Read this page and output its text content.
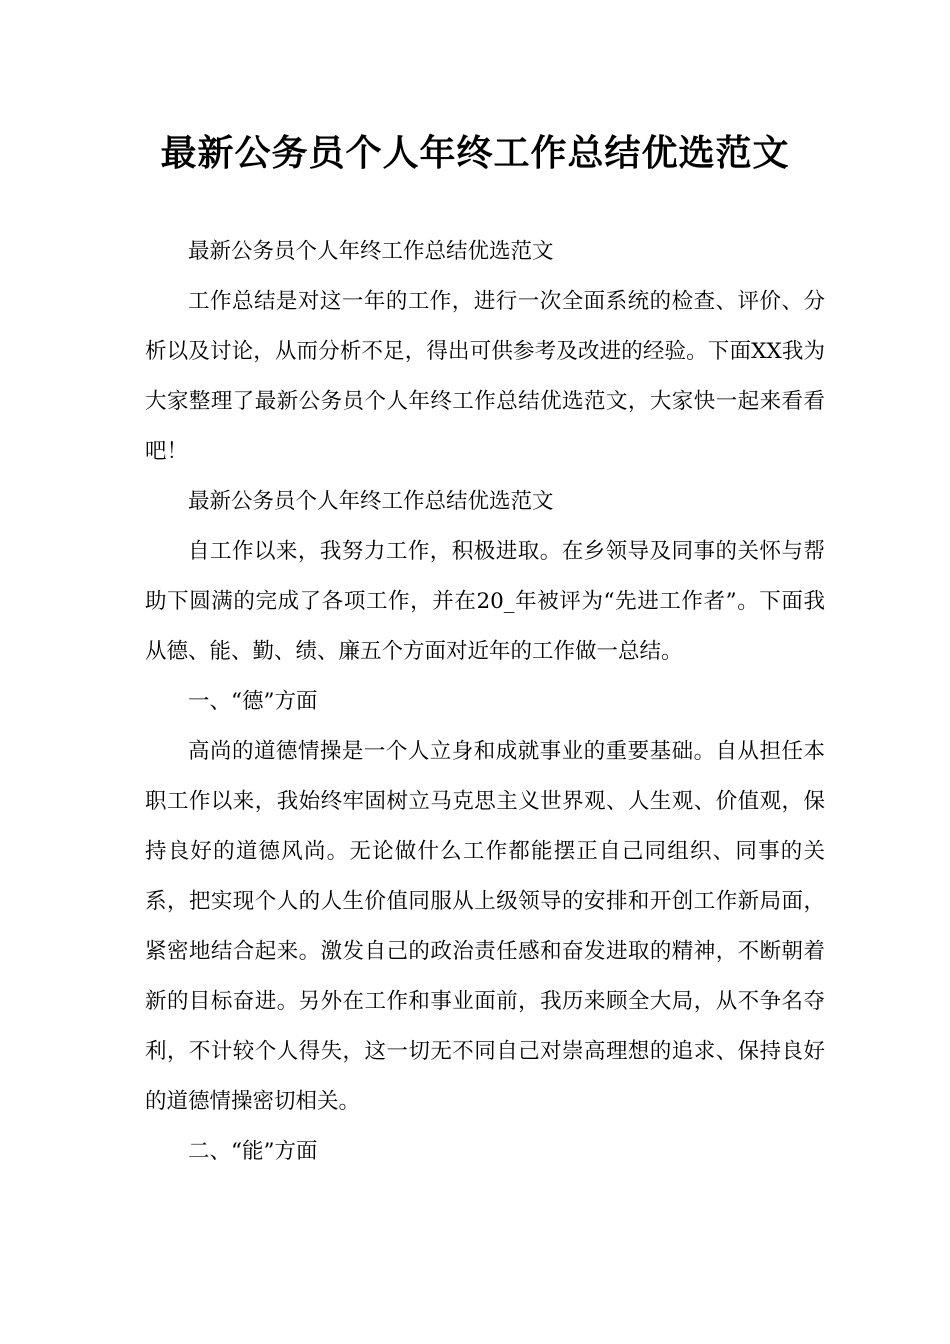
最新公务员个人年终工作总结优选范文

最新公务员个人年终工作总结优选范文

工作总结是对这一年的工作，进行一次全面系统的检查、评价、分析以及讨论，从而分析不足，得出可供参考及改进的经验。下面XX我为大家整理了最新公务员个人年终工作总结优选范文，大家快一起来看看吧！

最新公务员个人年终工作总结优选范文

自工作以来，我努力工作，积极进取。在乡领导及同事的关怀与帮助下圆满的完成了各项工作，并在20_年被评为“先进工作者”。下面我从德、能、勤、绩、廉五个方面对近年的工作做一总结。

一、“德”方面

高尚的道德情操是一个人立身和成就事业的重要基础。自从担任本职工作以来，我始终牢固树立马克思主义世界观、人生观、价值观，保持良好的道德风尚。无论做什么工作都能摆正自己同组织、同事的关系，把实现个人的人生价值同服从上级领导的安排和开创工作新局面，紧密地结合起来。激发自己的政治责任感和奋发进取的精神，不断朝着新的目标奋进。另外在工作和事业面前，我历来顾全大局，从不争名夺利，不计较个人得失，这一切无不同自己对崇高理想的追求、保持良好的道德情操密切相关。

二、“能”方面
